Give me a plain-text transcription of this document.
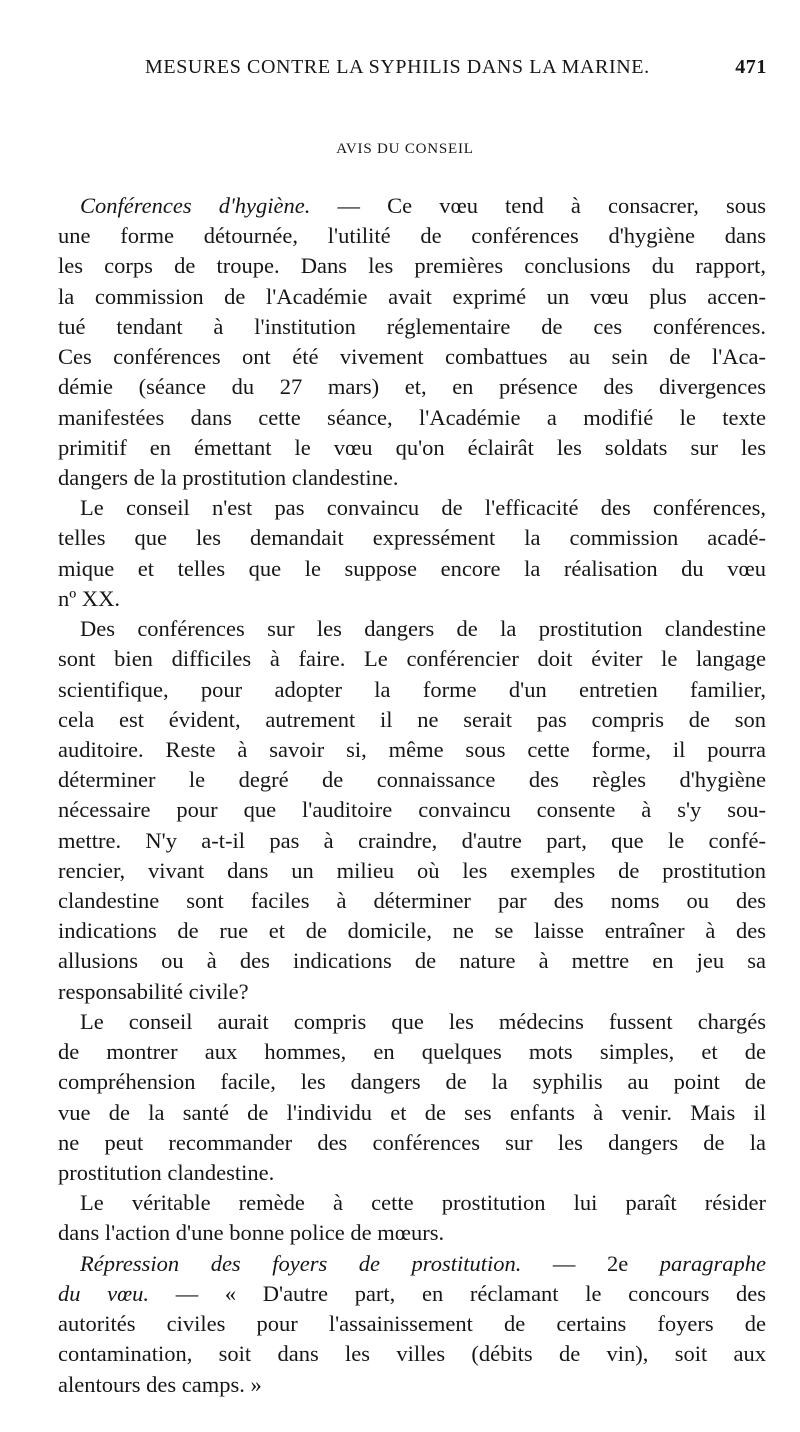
MESURES CONTRE LA SYPHILIS DANS LA MARINE.	471
AVIS DU CONSEIL
Conférences d'hygiène. — Ce vœu tend à consacrer, sous
une forme détournée, l'utilité de conférences d'hygiène dans
les corps de troupe. Dans les premières conclusions du rapport,
la commission de l'Académie avait exprimé un vœu plus accen-
tué tendant à l'institution réglementaire de ces conférences.
Ces conférences ont été vivement combattues au sein de l'Aca-
démie (séance du 27 mars) et, en présence des divergences
manifestées dans cette séance, l'Académie a modifié le texte
primitif en émettant le vœu qu'on éclairât les soldats sur les
dangers de la prostitution clandestine.
Le conseil n'est pas convaincu de l'efficacité des conférences,
telles que les demandait expressément la commission acadé-
mique et telles que le suppose encore la réalisation du vœu
nº XX.
Des conférences sur les dangers de la prostitution clandestine
sont bien difficiles à faire. Le conférencier doit éviter le langage
scientifique, pour adopter la forme d'un entretien familier,
cela est évident, autrement il ne serait pas compris de son
auditoire. Reste à savoir si, même sous cette forme, il pourra
déterminer le degré de connaissance des règles d'hygiène
nécessaire pour que l'auditoire convaincu consente à s'y sou-
mettre. N'y a-t-il pas à craindre, d'autre part, que le confé-
rencier, vivant dans un milieu où les exemples de prostitution
clandestine sont faciles à déterminer par des noms ou des
indications de rue et de domicile, ne se laisse entraîner à des
allusions ou à des indications de nature à mettre en jeu sa
responsabilité civile?
Le conseil aurait compris que les médecins fussent chargés
de montrer aux hommes, en quelques mots simples, et de
compréhension facile, les dangers de la syphilis au point de
vue de la santé de l'individu et de ses enfants à venir. Mais il
ne peut recommander des conférences sur les dangers de la
prostitution clandestine.
Le véritable remède à cette prostitution lui paraît résider
dans l'action d'une bonne police de mœurs.
Répression des foyers de prostitution. — 2e paragraphe
du vœu. — « D'autre part, en réclamant le concours des
autorités civiles pour l'assainissement de certains foyers de
contamination, soit dans les villes (débits de vin), soit aux
alentours des camps. »
